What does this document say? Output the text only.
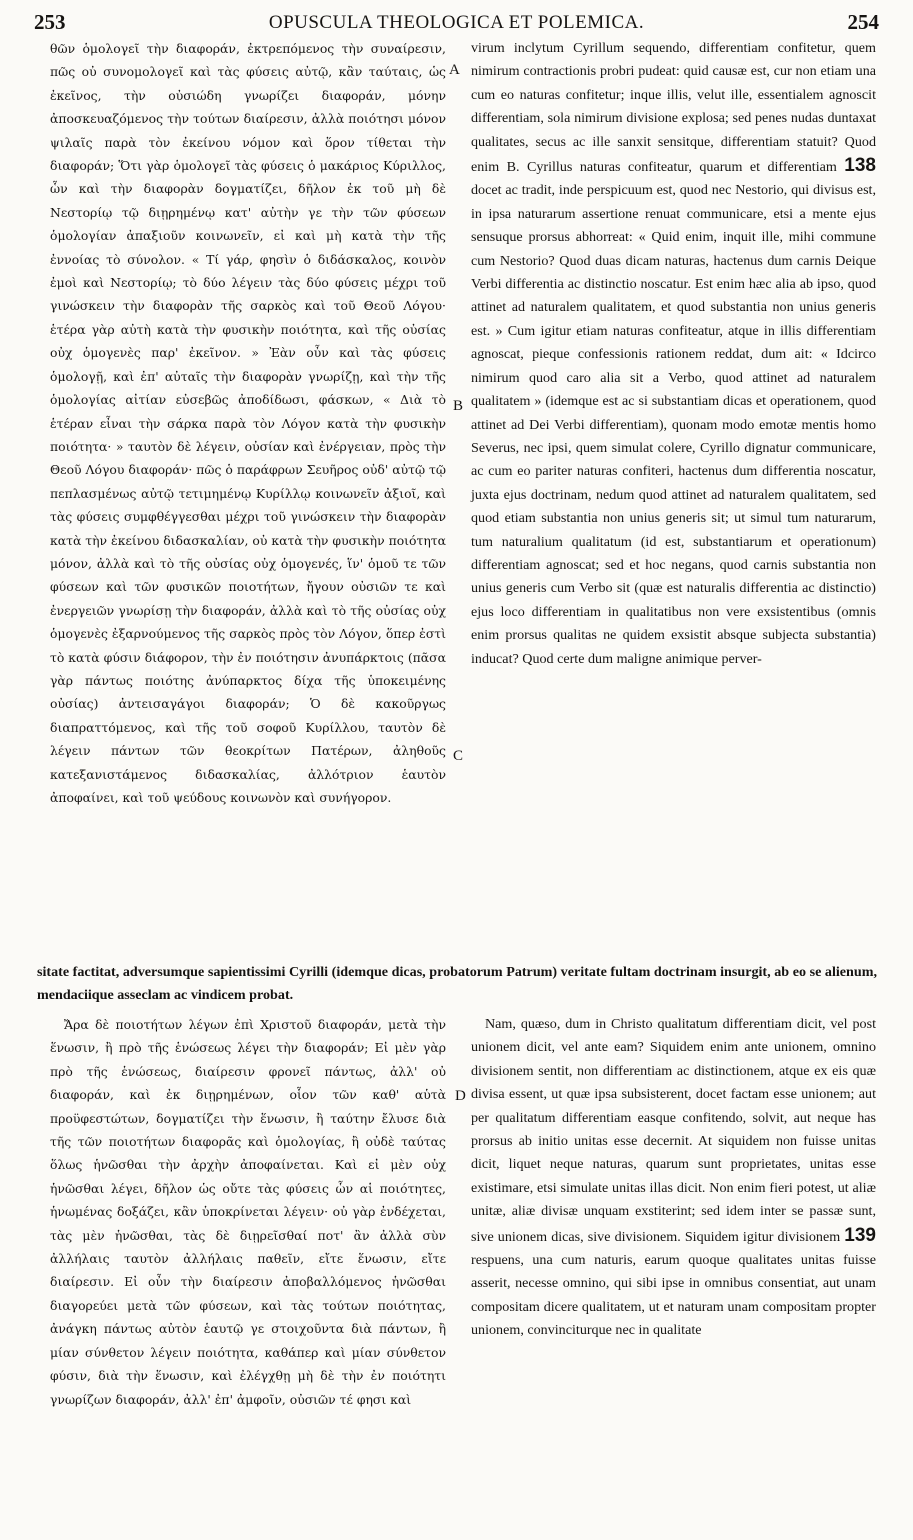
253	OPUSCULA THEOLOGICA ET POLEMICA.	254

θῶν ὁμολογεῖ τὴν διαφοράν, ἐκτρεπόμενος τὴν συναίρεσιν, πῶς οὐ συνομολογεῖ καὶ τὰς φύσεις αὐτῷ, κἂν ταύταις, ὡς ἐκεῖνος, τὴν οὐσιώδη γνωρίζει διαφοράν, μόνην ἀποσκευαζόμενος τὴν τούτων διαίρεσιν, ἀλλὰ ποιότησι μόνον ψιλαῖς παρὰ τὸν ἐκείνου νόμον καὶ ὅρον τίθεται τὴν διαφοράν; Ὅτι γὰρ ὁμολογεῖ τὰς φύσεις ὁ μακάριος Κύριλλος, ὧν καὶ τὴν διαφορὰν δογματίζει, δῆλον ἐκ τοῦ μὴ δὲ Νεστορίῳ τῷ διῃρημένῳ κατ' αὐτὴν γε τὴν τῶν φύσεων ὁμολογίαν ἀπαξιοῦν κοινωνεῖν, εἰ καὶ μὴ κατὰ τὴν τῆς ἐννοίας τὸ σύνολον. « Τί γάρ, φησὶν ὁ διδάσκαλος, κοινὸν ἐμοὶ καὶ Νεστορίῳ; τὸ δύο λέγειν τὰς δύο φύσεις μέχρι τοῦ γινώσκειν τὴν διαφορὰν τῆς σαρκὸς καὶ τοῦ Θεοῦ Λόγου· ἑτέρα γὰρ αὐτὴ κατὰ τὴν φυσικὴν ποιότητα, καὶ τῆς οὐσίας οὐχ ὁμογενὲς παρ' ἐκεῖνον. » Ἐὰν οὖν καὶ τὰς φύσεις ὁμολογῇ, καὶ ἐπ' αὐταῖς τὴν διαφορὰν γνωρίζῃ, καὶ τὴν τῆς ὁμολογίας αἰτίαν εὐσεβῶς ἀποδίδωσι, φάσκων, « Διὰ τὸ ἑτέραν εἶναι τὴν σάρκα παρὰ τὸν Λόγον κατὰ τὴν φυσικὴν ποιότητα· » ταυτὸν δὲ λέγειν, οὐσίαν καὶ ἐνέργειαν, πρὸς τὴν Θεοῦ Λόγου διαφοράν· πῶς ὁ παράφρων Σευῆρος οὐδ' αὐτῷ τῷ πεπλασμένως αὐτῷ τετιμημένῳ Κυρίλλῳ κοινωνεῖν ἀξιοῖ, καὶ τὰς φύσεις συμφθέγγεσθαι μέχρι τοῦ γινώσκειν τὴν διαφορὰν κατὰ τὴν ἐκείνου διδασκαλίαν, οὐ κατὰ τὴν φυσικὴν ποιότητα μόνον, ἀλλὰ καὶ τὸ τῆς οὐσίας οὐχ ὁμογενές, ἵν' ὁμοῦ τε τῶν φύσεων καὶ τῶν φυσικῶν ποιοτήτων, ἤγουν οὐσιῶν τε καὶ ἐνεργειῶν γνωρίσῃ τὴν διαφοράν, ἀλλὰ καὶ τὸ τῆς οὐσίας οὐχ ὁμογενὲς ἐξαρνούμενος τῆς σαρκὸς πρὸς τὸν Λόγον, ὅπερ ἐστὶ τὸ κατὰ φύσιν διάφορον, τὴν ἐν ποιότησιν ἀνυπάρκτοις (πᾶσα γὰρ πάντως ποιότης ἀνύπαρκτος δίχα τῆς ὑποκειμένης οὐσίας) ἀντεισαγάγοι διαφοράν; Ὁ δὲ κακοῦργως διαπραττόμενος, καὶ τῆς τοῦ σοφοῦ Κυρίλλου, ταυτὸν δὲ λέγειν πάντων τῶν θεοκρίτων Πατέρων, ἀληθοῦς κατεξανιστάμενος διδασκαλίας, ἀλλότριον ἑαυτὸν ἀποφαίνει, καὶ τοῦ ψεύδους κοινωνὸν καὶ συνήγορον.

A
B
C
D

virum inclytum Cyrillum sequendo, differentiam confitetur, quem nimirum contractionis probri pudeat: quid causæ est, cur non etiam una cum eo naturas confitetur; inque illis, velut ille, essentialem agnoscit differentiam, sola nimirum divisione explosa; sed penes nudas duntaxat qualitates, secus ac ille sanxit sensitque, differentiam statuit? Quod enim B. Cyrillus naturas confiteatur, quarum et differentiam 138 docet ac tradit, inde perspicuum est, quod nec Nestorio, qui divisus est, in ipsa naturarum assertione renuat communicare, etsi a mente ejus sensuque prorsus abhorreat: « Quid enim, inquit ille, mihi commune cum Nestorio? Quod duas dicam naturas, hactenus dum carnis Deique Verbi differentia ac distinctio noscatur. Est enim hæc alia ab ipso, quod attinet ad naturalem qualitatem, et quod substantia non unius generis est. » Cum igitur etiam naturas confiteatur, atque in illis differentiam agnoscat, pieque confessionis rationem reddat, dum ait: « Idcirco nimirum quod caro alia sit a Verbo, quod attinet ad naturalem qualitatem » (idemque est ac si substantiam dicas et operationem, quod attinet ad Dei Verbi differentiam), quonam modo emotæ mentis homo Severus, nec ipsi, quem simulat colere, Cyrillo dignatur communicare, ac cum eo pariter naturas confiteri, hactenus dum differentia noscatur, juxta ejus doctrinam, nedum quod attinet ad naturalem qualitatem, sed quod etiam substantia non unius generis sit; ut simul tum naturarum, tum naturalium qualitatum (id est, substantiarum et operationum) differentiam agnoscat; sed et hoc negans, quod carnis substantia non unius generis cum Verbo sit (quæ est naturalis differentia ac distinctio) ejus loco differentiam in qualitatibus non vere exsistentibus (omnis enim prorsus qualitas ne quidem exsistit absque subjecta substantia) inducat? Quod certe dum maligne animique perver-

sitate factitat, adversumque sapientissimi Cyrilli (idemque dicas, probatorum Patrum) veritate fultam doctrinam insurgit, ab eo se alienum, mendaciique asseclam ac vindicem probat.

Ἄρα δὲ ποιοτήτων λέγων ἐπὶ Χριστοῦ διαφοράν, μετὰ τὴν ἕνωσιν, ἢ πρὸ τῆς ἑνώσεως λέγει τὴν διαφοράν; Εἰ μὲν γὰρ πρὸ τῆς ἑνώσεως, διαίρεσιν φρονεῖ πάντως, ἀλλ' οὐ διαφοράν, καὶ ἐκ διῃρημένων, οἷον τῶν καθ' αὑτὰ προϋφεστώτων, δογματίζει τὴν ἕνωσιν, ἢ ταύτην ἔλυσε διὰ τῆς τῶν ποιοτήτων διαφορᾶς καὶ ὁμολογίας, ἢ οὐδὲ ταύτας ὅλως ἡνῶσθαι τὴν ἀρχὴν ἀποφαίνεται. Καὶ εἰ μὲν οὐχ ἡνῶσθαι λέγει, δῆλον ὡς οὔτε τὰς φύσεις ὧν αἱ ποιότητες, ἡνωμένας δοξάζει, κἂν ὑποκρίνεται λέγειν· οὐ γὰρ ἐνδέχεται, τὰς μὲν ἡνῶσθαι, τὰς δὲ διῃρεῖσθαί ποτ' ἂν ἀλλὰ σὺν ἀλλήλαις ταυτὸν ἀλλήλαις παθεῖν, εἴτε ἕνωσιν, εἴτε διαίρεσιν. Εἰ οὖν τὴν διαίρεσιν ἀποβαλλόμενος ἡνῶσθαι διαγορεύει μετὰ τῶν φύσεων, καὶ τὰς τούτων ποιότητας, ἀνάγκη πάντως αὐτὸν ἑαυτῷ γε στοιχοῦντα διὰ πάντων, ἢ μίαν σύνθετον λέγειν ποιότητα, καθάπερ καὶ μίαν σύνθετον φύσιν, διὰ τὴν ἕνωσιν, καὶ ἐλέγχθῃ μὴ δὲ τὴν ἐν ποιότητι γνωρίζων διαφοράν, ἀλλ' ἐπ' ἀμφοῖν, οὐσιῶν τέ φησι καὶ

Nam, quæso, dum in Christo qualitatum differentiam dicit, vel post unionem dicit, vel ante eam? Siquidem enim ante unionem, omnino divisionem sentit, non differentiam ac distinctionem, atque ex eis quæ divisa essent, ut quæ ipsa subsisterent, docet factam esse unionem; aut per qualitatum differentiam easque confitendo, solvit, aut neque has prorsus ab initio unitas esse decernit. At siquidem non fuisse unitas dicit, liquet neque naturas, quarum sunt proprietates, unitas esse existimare, etsi simulate unitas illas dicit. Non enim fieri potest, ut aliæ unitæ, aliæ divisæ unquam exstiterint; sed idem inter se passæ sunt, sive unionem dicas, sive divisionem. Siquidem igitur divisionem 139 respuens, una cum naturis, earum quoque qualitates unitas fuisse asserit, necesse omnino, qui sibi ipse in omnibus consentiat, aut unam compositam dicere qualitatem, ut et naturam unam compositam propter unionem, convinciturque nec in qualitate
